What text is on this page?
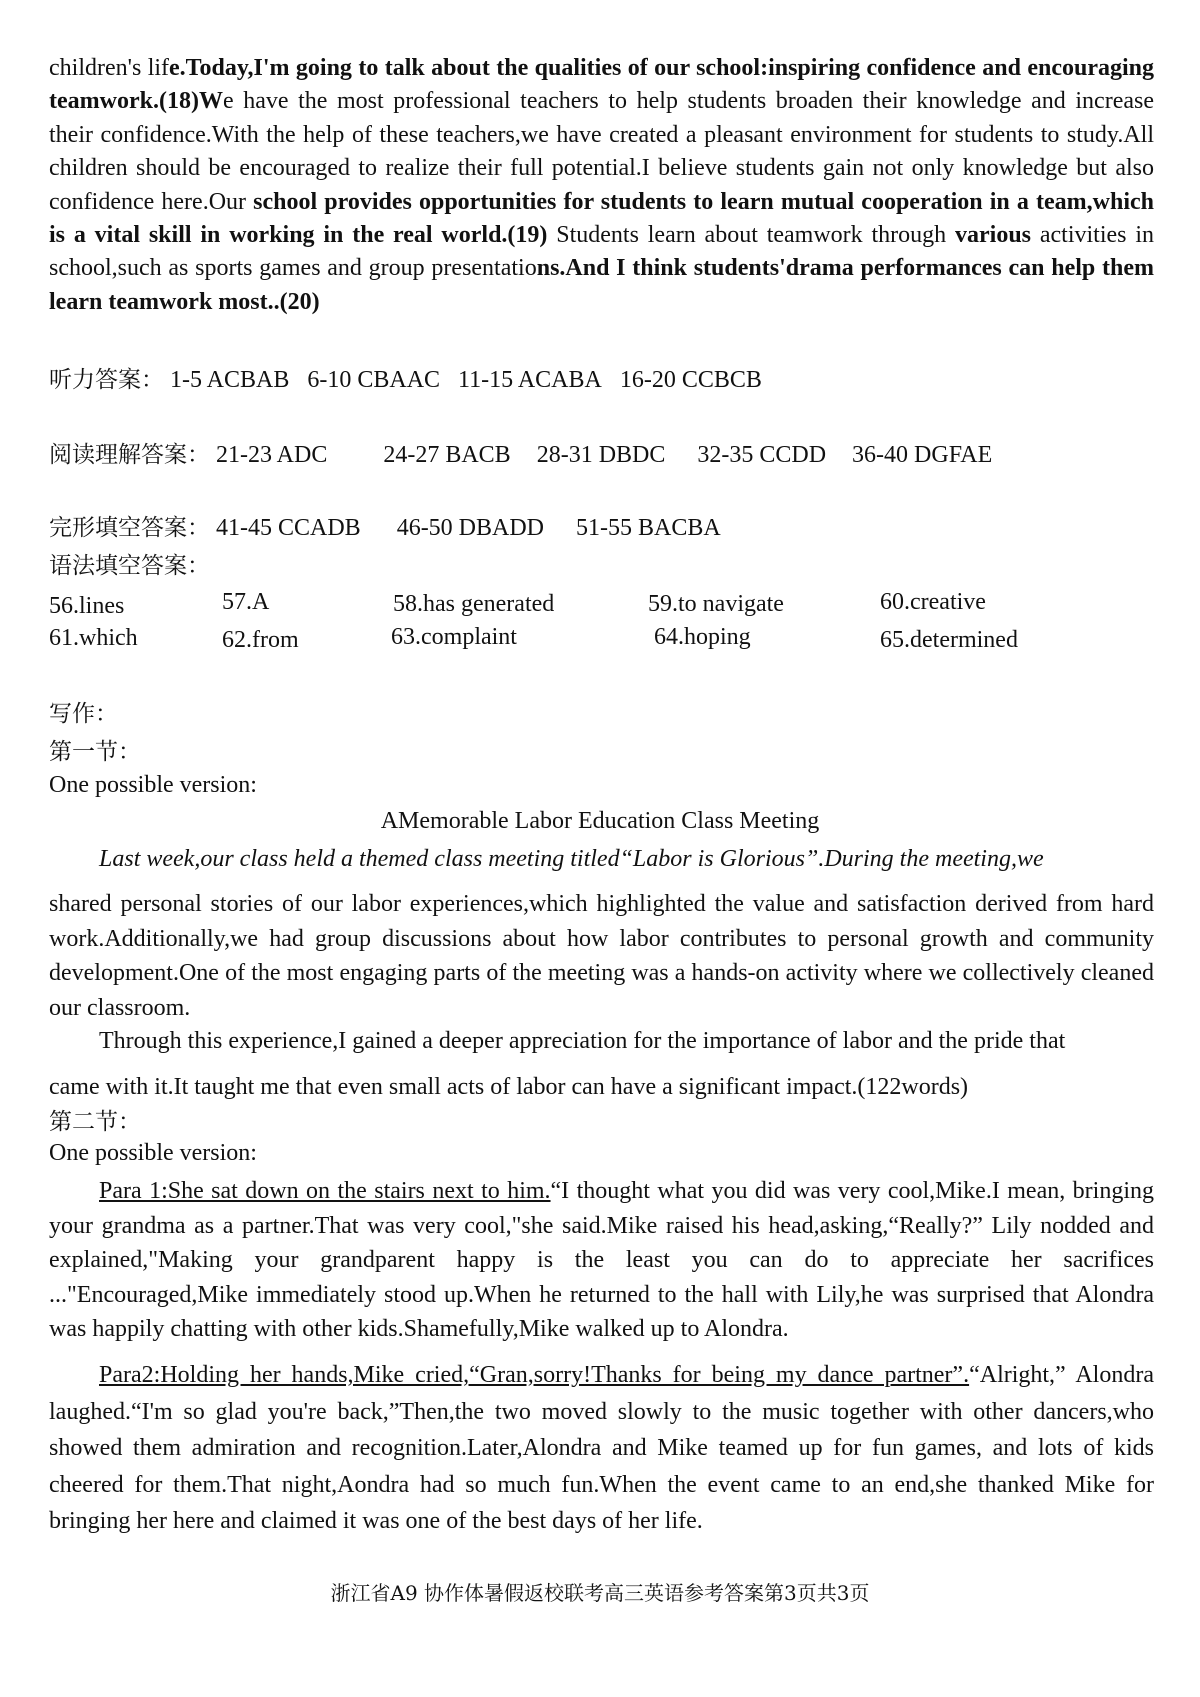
children's life.Today,I'm going to talk about the qualities of our school:inspiring confidence and encouraging teamwork.(18)We have the most professional teachers to help students broaden their knowledge and increase their confidence.With the help of these teachers,we have created a pleasant environment for students to study.All children should be encouraged to realize their full potential.I believe students gain not only knowledge but also confidence here.Our school provides opportunities for students to learn mutual cooperation in a team,which is a vital skill in working in the real world.(19) Students learn about teamwork through various activities in school,such as sports games and group presentations.And I think students'drama performances can help them learn teamwork most..(20)

听力答案： 1-5 ACBAB 6-10 CBAAC 11-15 ACABA 16-20 CCBCB
阅读理解答案： 21-23 ADC 24-27 BACB 28-31 DBDC 32-35 CCDD 36-40 DGFAE
完形填空答案： 41-45 CCADB 46-50 DBADD 51-55 BACBA
语法填空答案：
56.lines	57.A	58.has generated	59.to navigate	60.creative
61.which	62.from	63.complaint	64.hoping	65.determined
写作：
第一节：
One possible version:

AMemorable Labor Education Class Meeting

Last week,our class held a themed class meeting titled“Labor is Glorious”.During the meeting,we

shared personal stories of our labor experiences,which highlighted the value and satisfaction derived from hard work.Additionally,we had group discussions about how labor contributes to personal growth and community development.One of the most engaging parts of the meeting was a hands-on activity where we collectively cleaned our classroom.

Through this experience,I gained a deeper appreciation for the importance of labor and the pride that

came with it.It taught me that even small acts of labor can have a significant impact.(122words)

第二节：
One possible version:

Para 1:She sat down on the stairs next to him.“I thought what you did was very cool,Mike.I mean, bringing your grandma as a partner.That was very cool,"she said.Mike raised his head,asking,“Really?” Lily nodded and explained,"Making your grandparent happy is the least you can do to appreciate her sacrifices ..."Encouraged,Mike immediately stood up.When he returned to the hall with Lily,he was surprised that Alondra was happily chatting with other kids.Shamefully,Mike walked up to Alondra.

Para2:Holding her hands,Mike cried,“Gran,sorry!Thanks for being my dance partner”.“Alright,” Alondra laughed.“I'm so glad you're back,”Then,the two moved slowly to the music together with other dancers,who showed them admiration and recognition.Later,Alondra and Mike teamed up for fun games, and lots of kids cheered for them.That night,Aondra had so much fun.When the event came to an end,she thanked Mike for bringing her here and claimed it was one of the best days of her life.

浙江省A9 协作体暑假返校联考高三英语参考答案第3页共3页
